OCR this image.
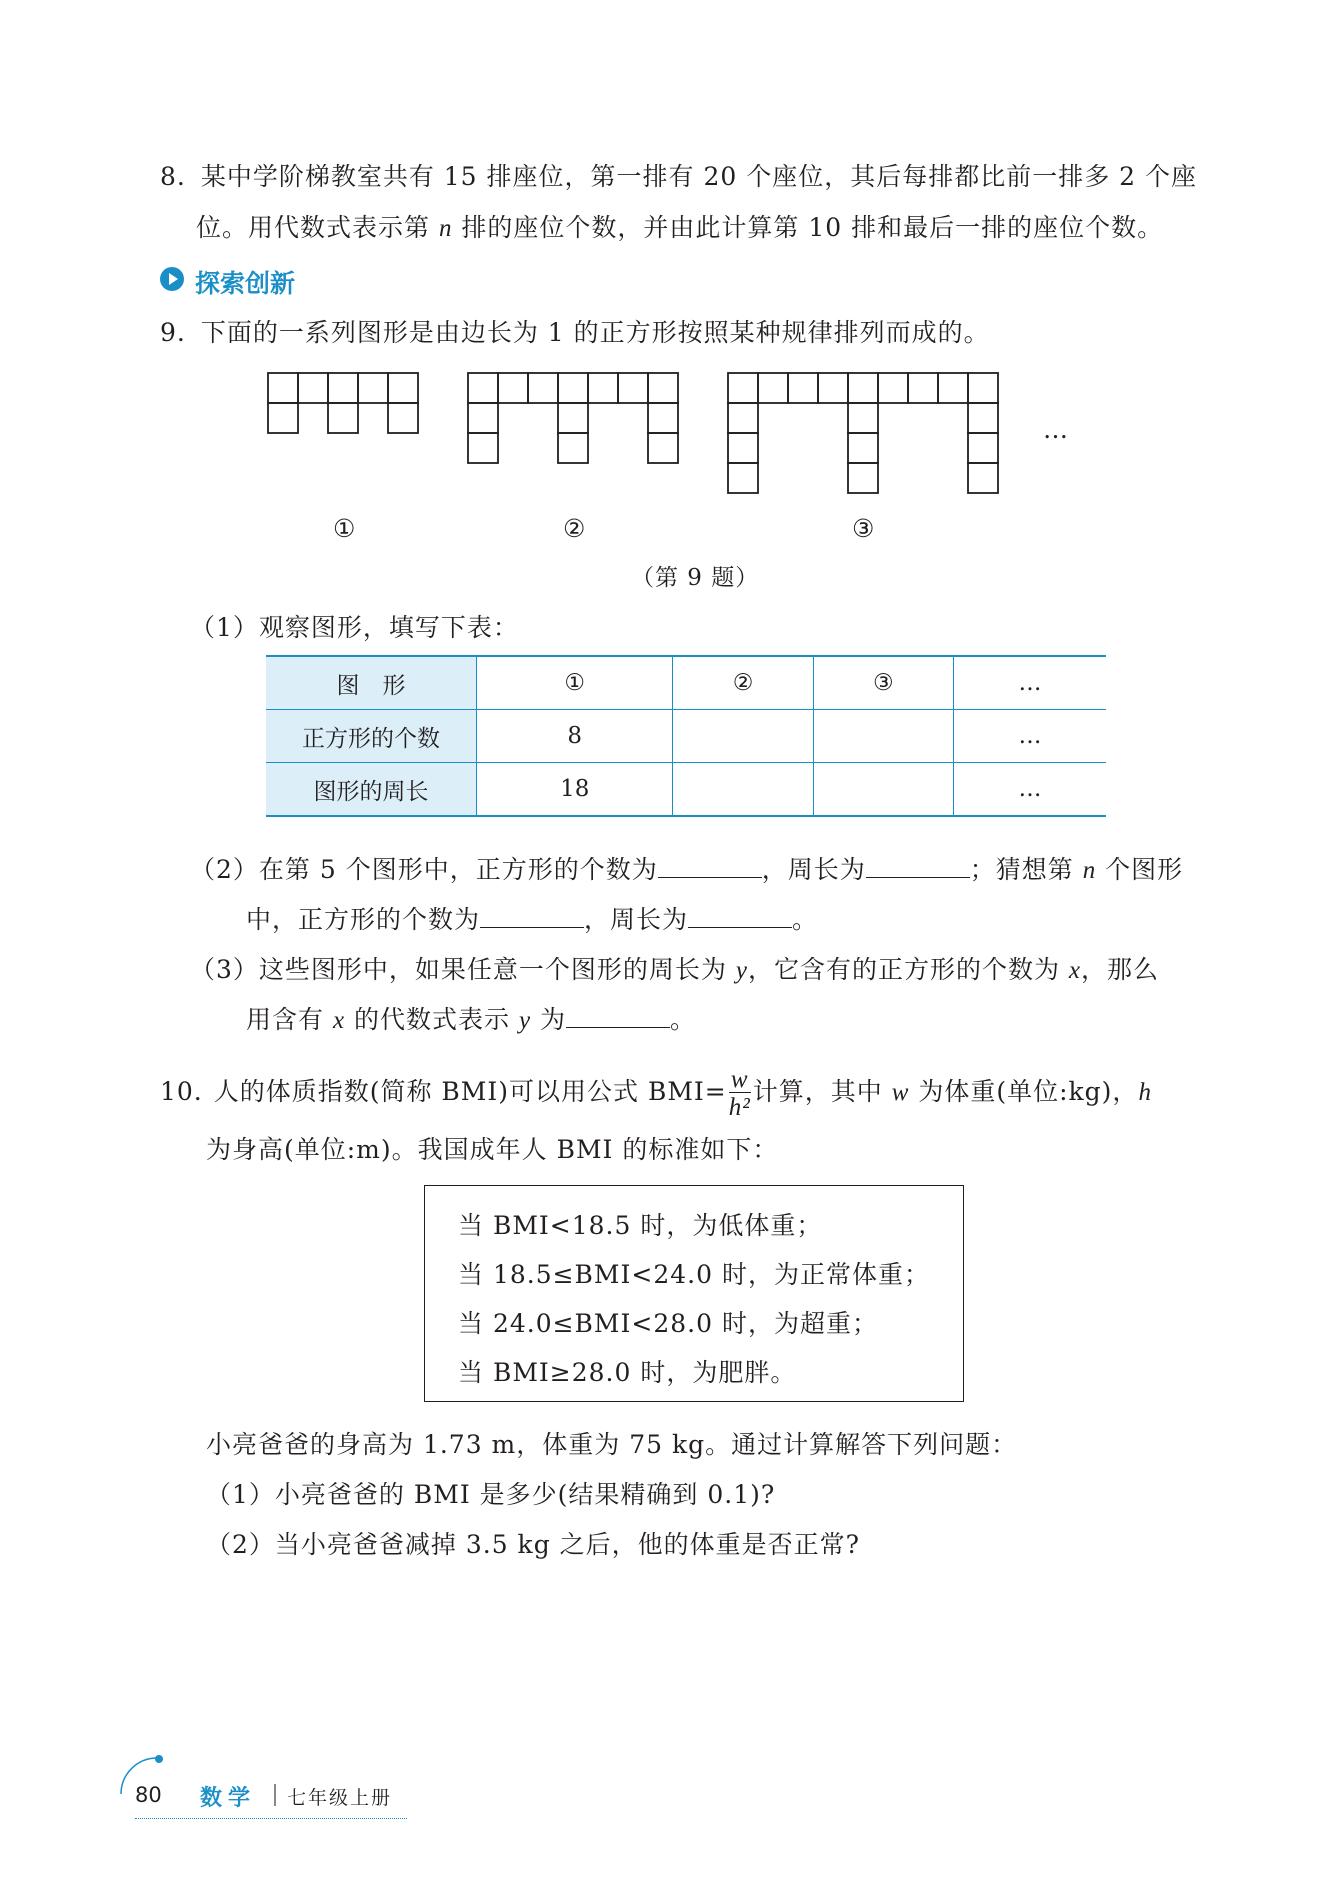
8. 某中学阶梯教室共有 15 排座位，第一排有 20 个座位，其后每排都比前一排多 2 个座
位。用代数式表示第 n 排的座位个数，并由此计算第 10 排和最后一排的座位个数。
探索创新
9. 下面的一系列图形是由边长为 1 的正方形按照某种规律排列而成的。
…
①	②	③
（第 9 题）
（1）观察图形，填写下表：
图　形	①	②	③	…
正方形的个数	8			…
图形的周长	18			…
（2）在第 5 个图形中，正方形的个数为	，周长为	；猜想第 n 个图形
中，正方形的个数为	，周长为	。
（3）这些图形中，如果任意一个图形的周长为 y，它含有的正方形的个数为 x，那么
用含有 x 的代数式表示 y 为	。
10. 人的体质指数(简称 BMI)可以用公式 $BMI= \frac{w}{\text{h²}}$ 计算，其中 w 为体重(单位:kg)，h
为身高(单位:m)。我国成年人 BMI 的标准如下：
当 BMI<18.5 时，为低体重；
当 18.5≤BMI<24.0 时，为正常体重；
当 24.0≤BMI<28.0 时，为超重；
当 BMI≥28.0 时，为肥胖。
小亮爸爸的身高为 1.73 m，体重为 75 kg。通过计算解答下列问题：
（1）小亮爸爸的 BMI 是多少(结果精确到 0.1)?
（2）当小亮爸爸减掉 3.5 kg 之后，他的体重是否正常?
80 数学 七年级上册
